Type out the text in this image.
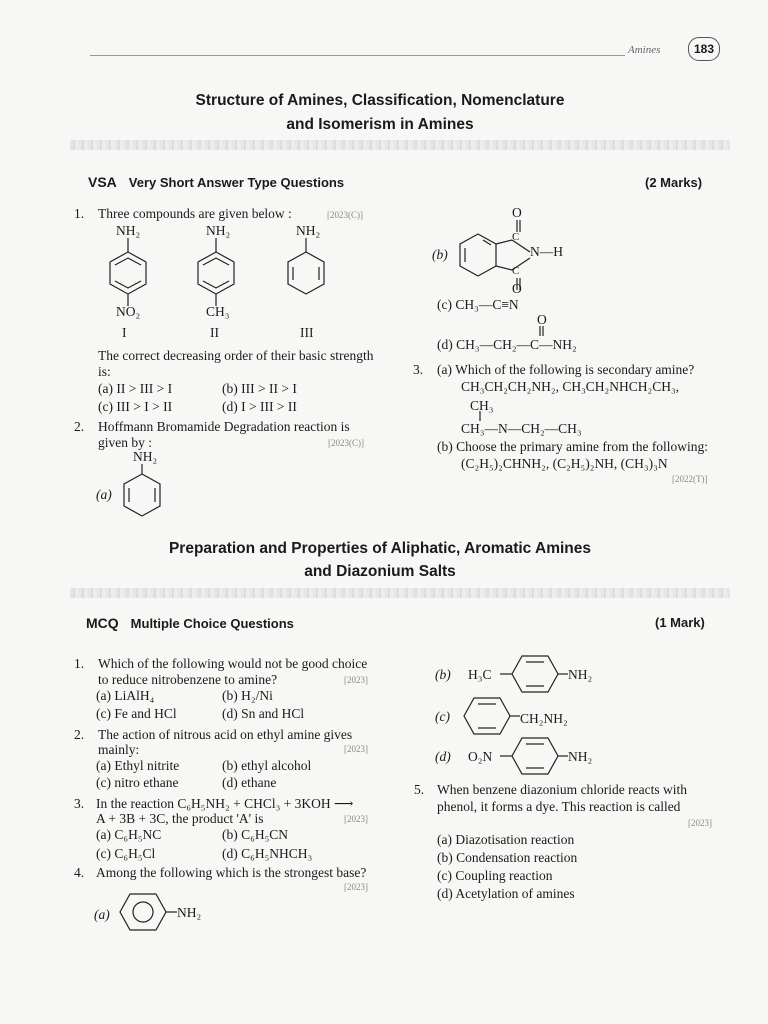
Amines	183
Structure of Amines, Classification, Nomenclature
and Isomerism in Amines
VSA Very Short Answer Type Questions	(2 Marks)
1. Three compounds are given below :	[2023(C)]
NH₂	NH₂	NH₂
NO₂	CH₃
I	II	III
The correct decreasing order of their basic strength
is:
(a) II > III > I	(b) III > II > I
(c) III > I > II	(d) I > III > II
2. Hoffmann Bromamide Degradation reaction is
given by :	[2023(C)]
NH₂
(a)
(b)
O
C
C
N—H
O
(c) CH₃—C≡N
O
(d) CH₃—CH₂—C—NH₂
3. (a) Which of the following is secondary amine?
CH₃CH₂CH₂NH₂, CH₃CH₂NHCH₂CH₃,
CH₃
CH₃—N—CH₂—CH₃
(b) Choose the primary amine from the following:
(C₂H₅)₂CHNH₂, (C₂H₅)₂NH, (CH₃)₃N
[2022(T)]
Preparation and Properties of Aliphatic, Aromatic Amines
and Diazonium Salts
MCQ Multiple Choice Questions	(1 Mark)
1. Which of the following would not be good choice
to reduce nitrobenzene to amine?	[2023]
(a) LiAlH₄	(b) H₂/Ni
(c) Fe and HCl	(d) Sn and HCl
2. The action of nitrous acid on ethyl amine gives
mainly:	[2023]
(a) Ethyl nitrite	(b) ethyl alcohol
(c) nitro ethane	(d) ethane
3. In the reaction C₆H₅NH₂ + CHCl₃ + 3KOH ⟶
A + 3B + 3C, the product 'A' is	[2023]
(a) C₆H₅NC	(b) C₆H₅CN
(c) C₆H₅Cl	(d) C₆H₅NHCH₃
4. Among the following which is the strongest base?
[2023]
(a)	NH₂
(b) H₃C	NH₂
(c)	CH₂NH₂
(d) O₂N	NH₂
5. When benzene diazonium chloride reacts with
phenol, it forms a dye. This reaction is called
[2023]
(a) Diazotisation reaction
(b) Condensation reaction
(c) Coupling reaction
(d) Acetylation of amines
